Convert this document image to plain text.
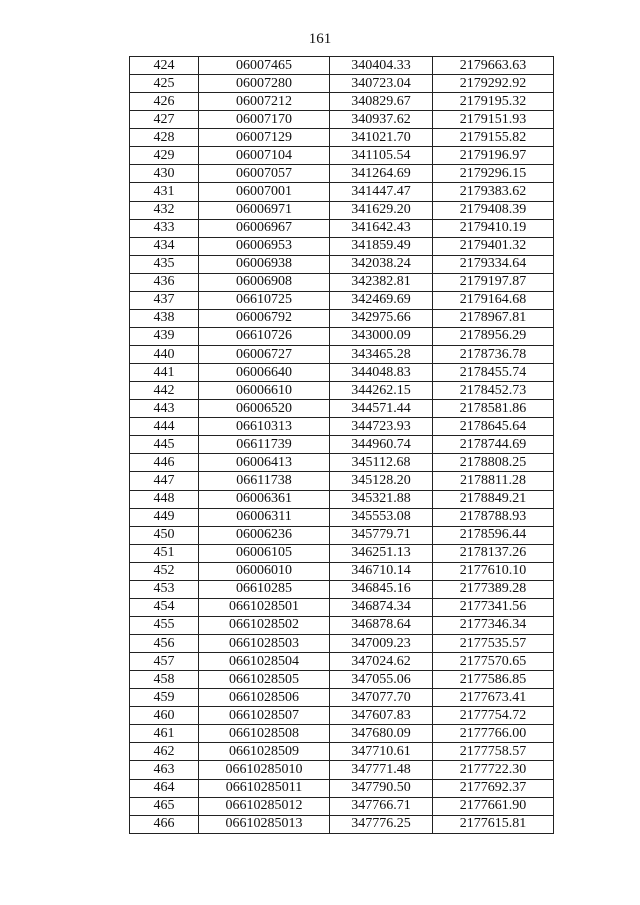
161
424	06007465	340404.33	2179663.63
425	06007280	340723.04	2179292.92
426	06007212	340829.67	2179195.32
427	06007170	340937.62	2179151.93
428	06007129	341021.70	2179155.82
429	06007104	341105.54	2179196.97
430	06007057	341264.69	2179296.15
431	06007001	341447.47	2179383.62
432	06006971	341629.20	2179408.39
433	06006967	341642.43	2179410.19
434	06006953	341859.49	2179401.32
435	06006938	342038.24	2179334.64
436	06006908	342382.81	2179197.87
437	06610725	342469.69	2179164.68
438	06006792	342975.66	2178967.81
439	06610726	343000.09	2178956.29
440	06006727	343465.28	2178736.78
441	06006640	344048.83	2178455.74
442	06006610	344262.15	2178452.73
443	06006520	344571.44	2178581.86
444	06610313	344723.93	2178645.64
445	06611739	344960.74	2178744.69
446	06006413	345112.68	2178808.25
447	06611738	345128.20	2178811.28
448	06006361	345321.88	2178849.21
449	06006311	345553.08	2178788.93
450	06006236	345779.71	2178596.44
451	06006105	346251.13	2178137.26
452	06006010	346710.14	2177610.10
453	06610285	346845.16	2177389.28
454	0661028501	346874.34	2177341.56
455	0661028502	346878.64	2177346.34
456	0661028503	347009.23	2177535.57
457	0661028504	347024.62	2177570.65
458	0661028505	347055.06	2177586.85
459	0661028506	347077.70	2177673.41
460	0661028507	347607.83	2177754.72
461	0661028508	347680.09	2177766.00
462	0661028509	347710.61	2177758.57
463	06610285010	347771.48	2177722.30
464	06610285011	347790.50	2177692.37
465	06610285012	347766.71	2177661.90
466	06610285013	347776.25	2177615.81
